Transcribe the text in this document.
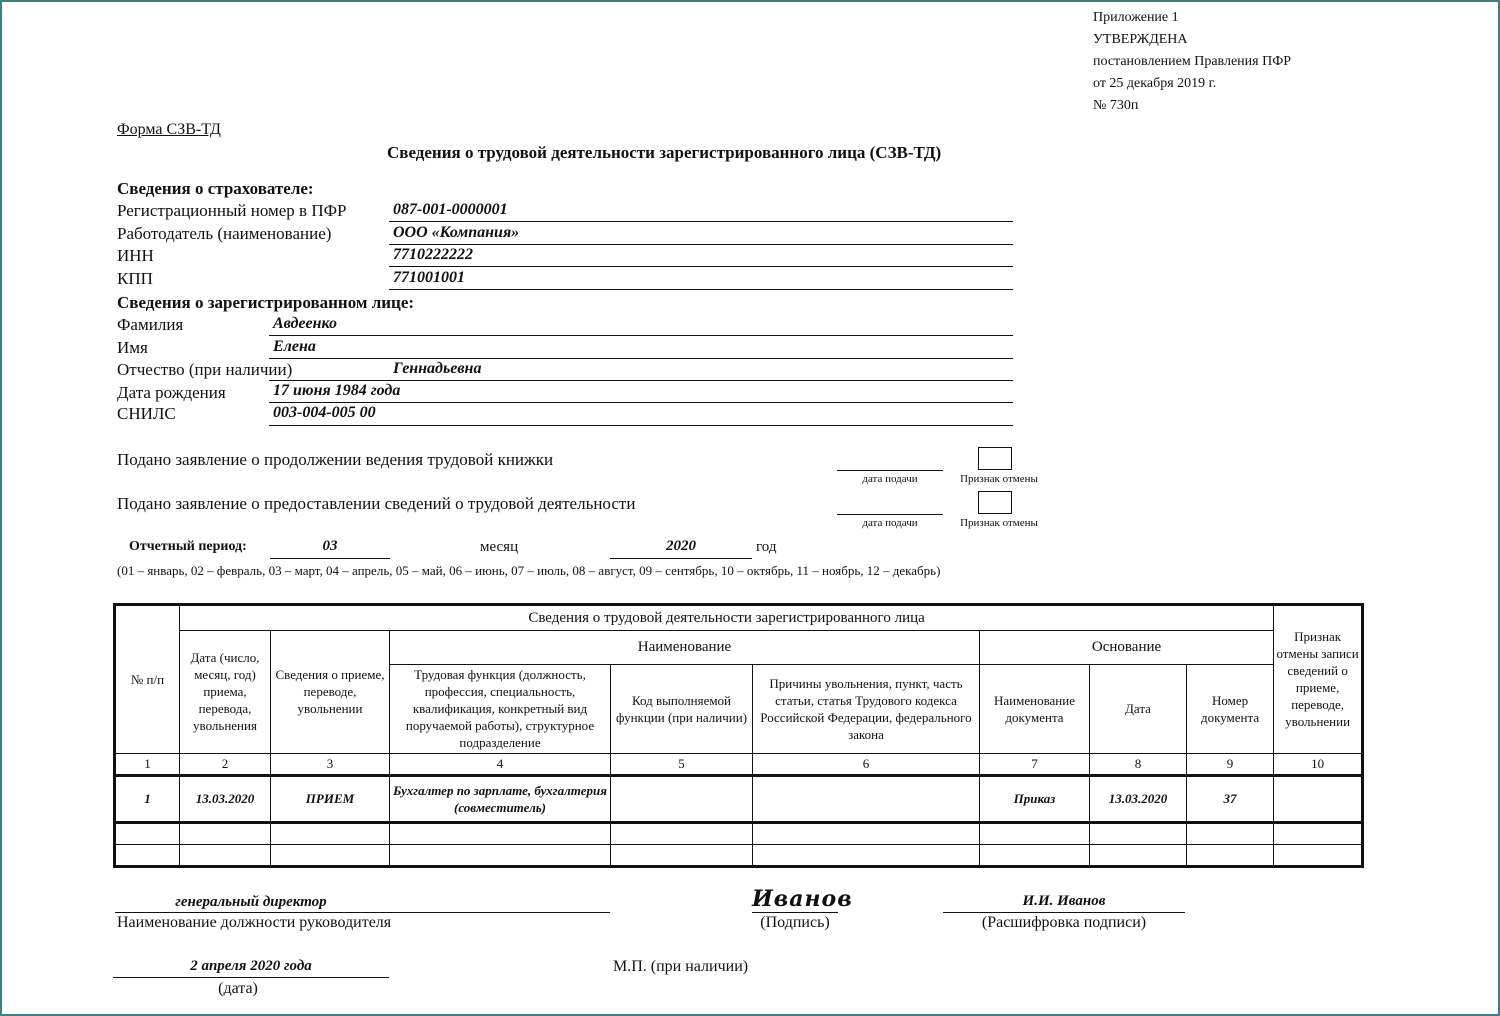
Приложение 1
УТВЕРЖДЕНА
постановлением Правления ПФР
от 25 декабря 2019 г.
№ 730п
Форма СЗВ-ТД
Сведения о трудовой деятельности зарегистрированного лица (СЗВ-ТД)
Сведения о страхователе:
Регистрационный номер в ПФР	087-001-0000001
Работодатель (наименование)	ООО «Компания»
ИНН	7710222222
КПП	771001001
Сведения о зарегистрированном лице:
Фамилия	Авдеенко
Имя	Елена
Отчество (при наличии)	Геннадьевна
Дата рождения	17 июня 1984 года
СНИЛС	003-004-005 00
Подано заявление о продолжении ведения трудовой книжки
дата подачи	Признак отмены
Подано заявление о предоставлении сведений о трудовой деятельности
дата подачи	Признак отмены
Отчетный период:	03	месяц	2020	год
(01 – январь, 02 – февраль, 03 – март, 04 – апрель, 05 – май, 06 – июнь, 07 – июль, 08 – август, 09 – сентябрь, 10 – октябрь, 11 – ноябрь, 12 – декабрь)
№ п/п	Сведения о трудовой деятельности зарегистрированного лица								Признак отмены записи сведений о приеме, переводе, увольнении
	Дата (число, месяц, год) приема, перевода, увольнения	Сведения о приеме, переводе, увольнении	Наименование			Основание			
			Трудовая функция (должность, профессия, специальность, квалификация, конкретный вид поручаемой работы), структурное подразделение	Код выполняемой функции (при наличии)	Причины увольнения, пункт, часть статьи, статья Трудового кодекса Российской Федерации, федерального закона	Наименование документа	Дата	Номер документа	
1	2	3	4	5	6	7	8	9	10
1	13.03.2020	ПРИЕМ	Бухгалтер по зарплате, бухгалтерия (совместитель)			Приказ	13.03.2020	37	

генеральный директор
Наименование должности руководителя
Иванов
(Подпись)
И.И. Иванов
(Расшифровка подписи)
2 апреля 2020 года
(дата)
М.П. (при наличии)
